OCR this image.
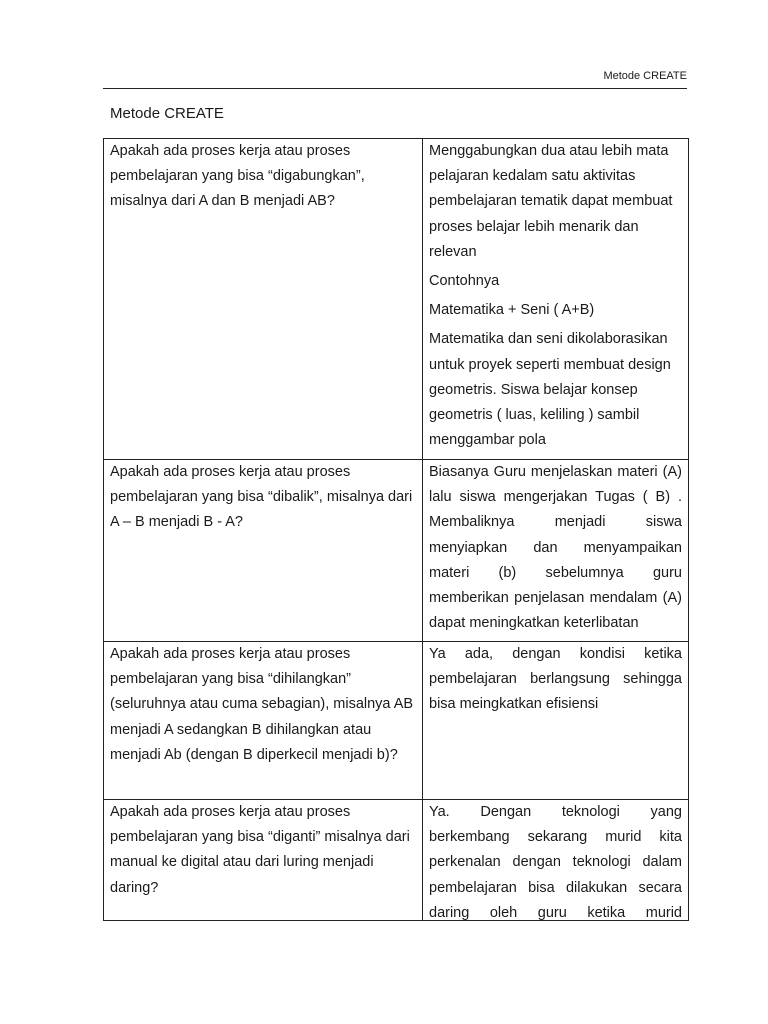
Metode CREATE
Metode CREATE
Apakah ada proses kerja atau proses pembelajaran yang bisa “digabungkan”, misalnya dari A dan B menjadi AB?	Menggabungkan dua atau lebih mata pelajaran kedalam satu aktivitas pembelajaran tematik dapat membuat proses belajar lebih menarik dan relevan

Contohnya

Matematika + Seni ( A+B)

Matematika dan seni dikolaborasikan untuk proyek seperti membuat design geometris. Siswa belajar konsep geometris ( luas, keliling ) sambil menggambar pola

Apakah ada proses kerja atau proses pembelajaran yang bisa “dibalik”, misalnya dari A – B menjadi B - A?	Biasanya Guru menjelaskan materi (A) lalu siswa mengerjakan Tugas ( B) . Membaliknya menjadi siswa menyiapkan dan menyampaikan materi (b) sebelumnya guru memberikan penjelasan mendalam (A) dapat meningkatkan keterlibatan
Apakah ada proses kerja atau proses pembelajaran yang bisa “dihilangkan” (seluruhnya atau cuma sebagian), misalnya AB menjadi A sedangkan B dihilangkan atau menjadi Ab (dengan B diperkecil menjadi b)?	Ya ada, dengan kondisi ketika pembelajaran berlangsung sehingga bisa meingkatkan efisiensi
Apakah ada proses kerja atau proses pembelajaran yang bisa “diganti” misalnya dari manual ke digital atau dari luring menjadi daring?	Ya. Dengan teknologi yang berkembang sekarang murid kita perkenalan dengan teknologi dalam pembelajaran bisa dilakukan secara daring oleh guru ketika murid
